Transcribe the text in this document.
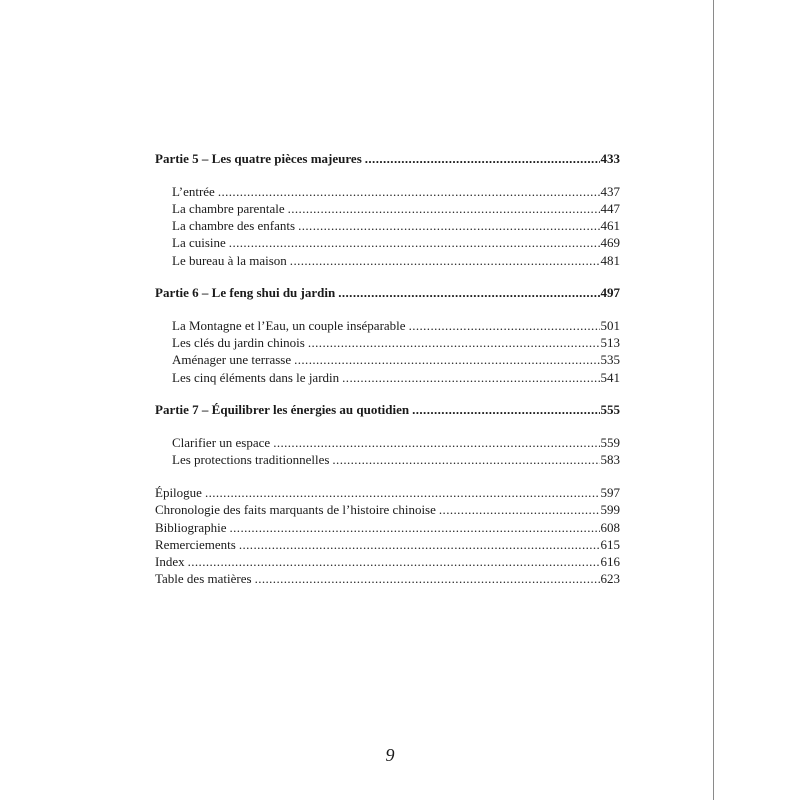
Partie 5 – Les quatre pièces majeures .....	433
L’entrée .....	437
La chambre parentale .....	447
La chambre des enfants .....	461
La cuisine .....	469
Le bureau à la maison .....	481
Partie 6 – Le feng shui du jardin .....	497
La Montagne et l’Eau, un couple inséparable .....	501
Les clés du jardin chinois .....	513
Aménager une terrasse .....	535
Les cinq éléments dans le jardin .....	541
Partie 7 – Équilibrer les énergies au quotidien .....	555
Clarifier un espace .....	559
Les protections traditionnelles .....	583
Épilogue .....	597
Chronologie des faits marquants de l’histoire chinoise .....	599
Bibliographie .....	608
Remerciements .....	615
Index .....	616
Table des matières .....	623
9
